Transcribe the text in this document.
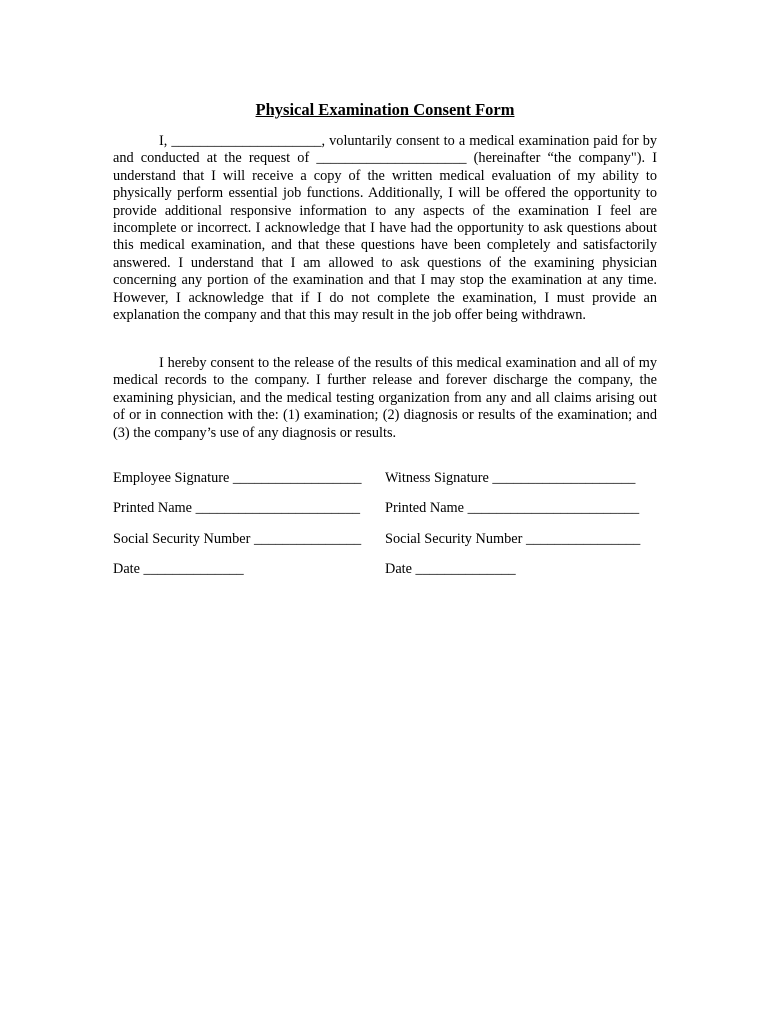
Physical Examination Consent Form

I, _____________________, voluntarily consent to a medical examination paid for by and conducted at the request of _____________________ (hereinafter “the company"). I understand that I will receive a copy of the written medical evaluation of my ability to physically perform essential job functions. Additionally, I will be offered the opportunity to provide additional responsive information to any aspects of the examination I feel are incomplete or incorrect. I acknowledge that I have had the opportunity to ask questions about this medical examination, and that these questions have been completely and satisfactorily answered. I understand that I am allowed to ask questions of the examining physician concerning any portion of the examination and that I may stop the examination at any time. However, I acknowledge that if I do not complete the examination, I must provide an explanation the company and that this may result in the job offer being withdrawn.

I hereby consent to the release of the results of this medical examination and all of my medical records to the company. I further release and forever discharge the company, the examining physician, and the medical testing organization from any and all claims arising out of or in connection with the: (1) examination; (2) diagnosis or results of the examination; and (3) the company’s use of any diagnosis or results.

Employee Signature __________________
Printed Name _______________________
Social Security Number _______________
Date ______________
Witness Signature ____________________
Printed Name ________________________
Social Security Number ________________
Date ______________
